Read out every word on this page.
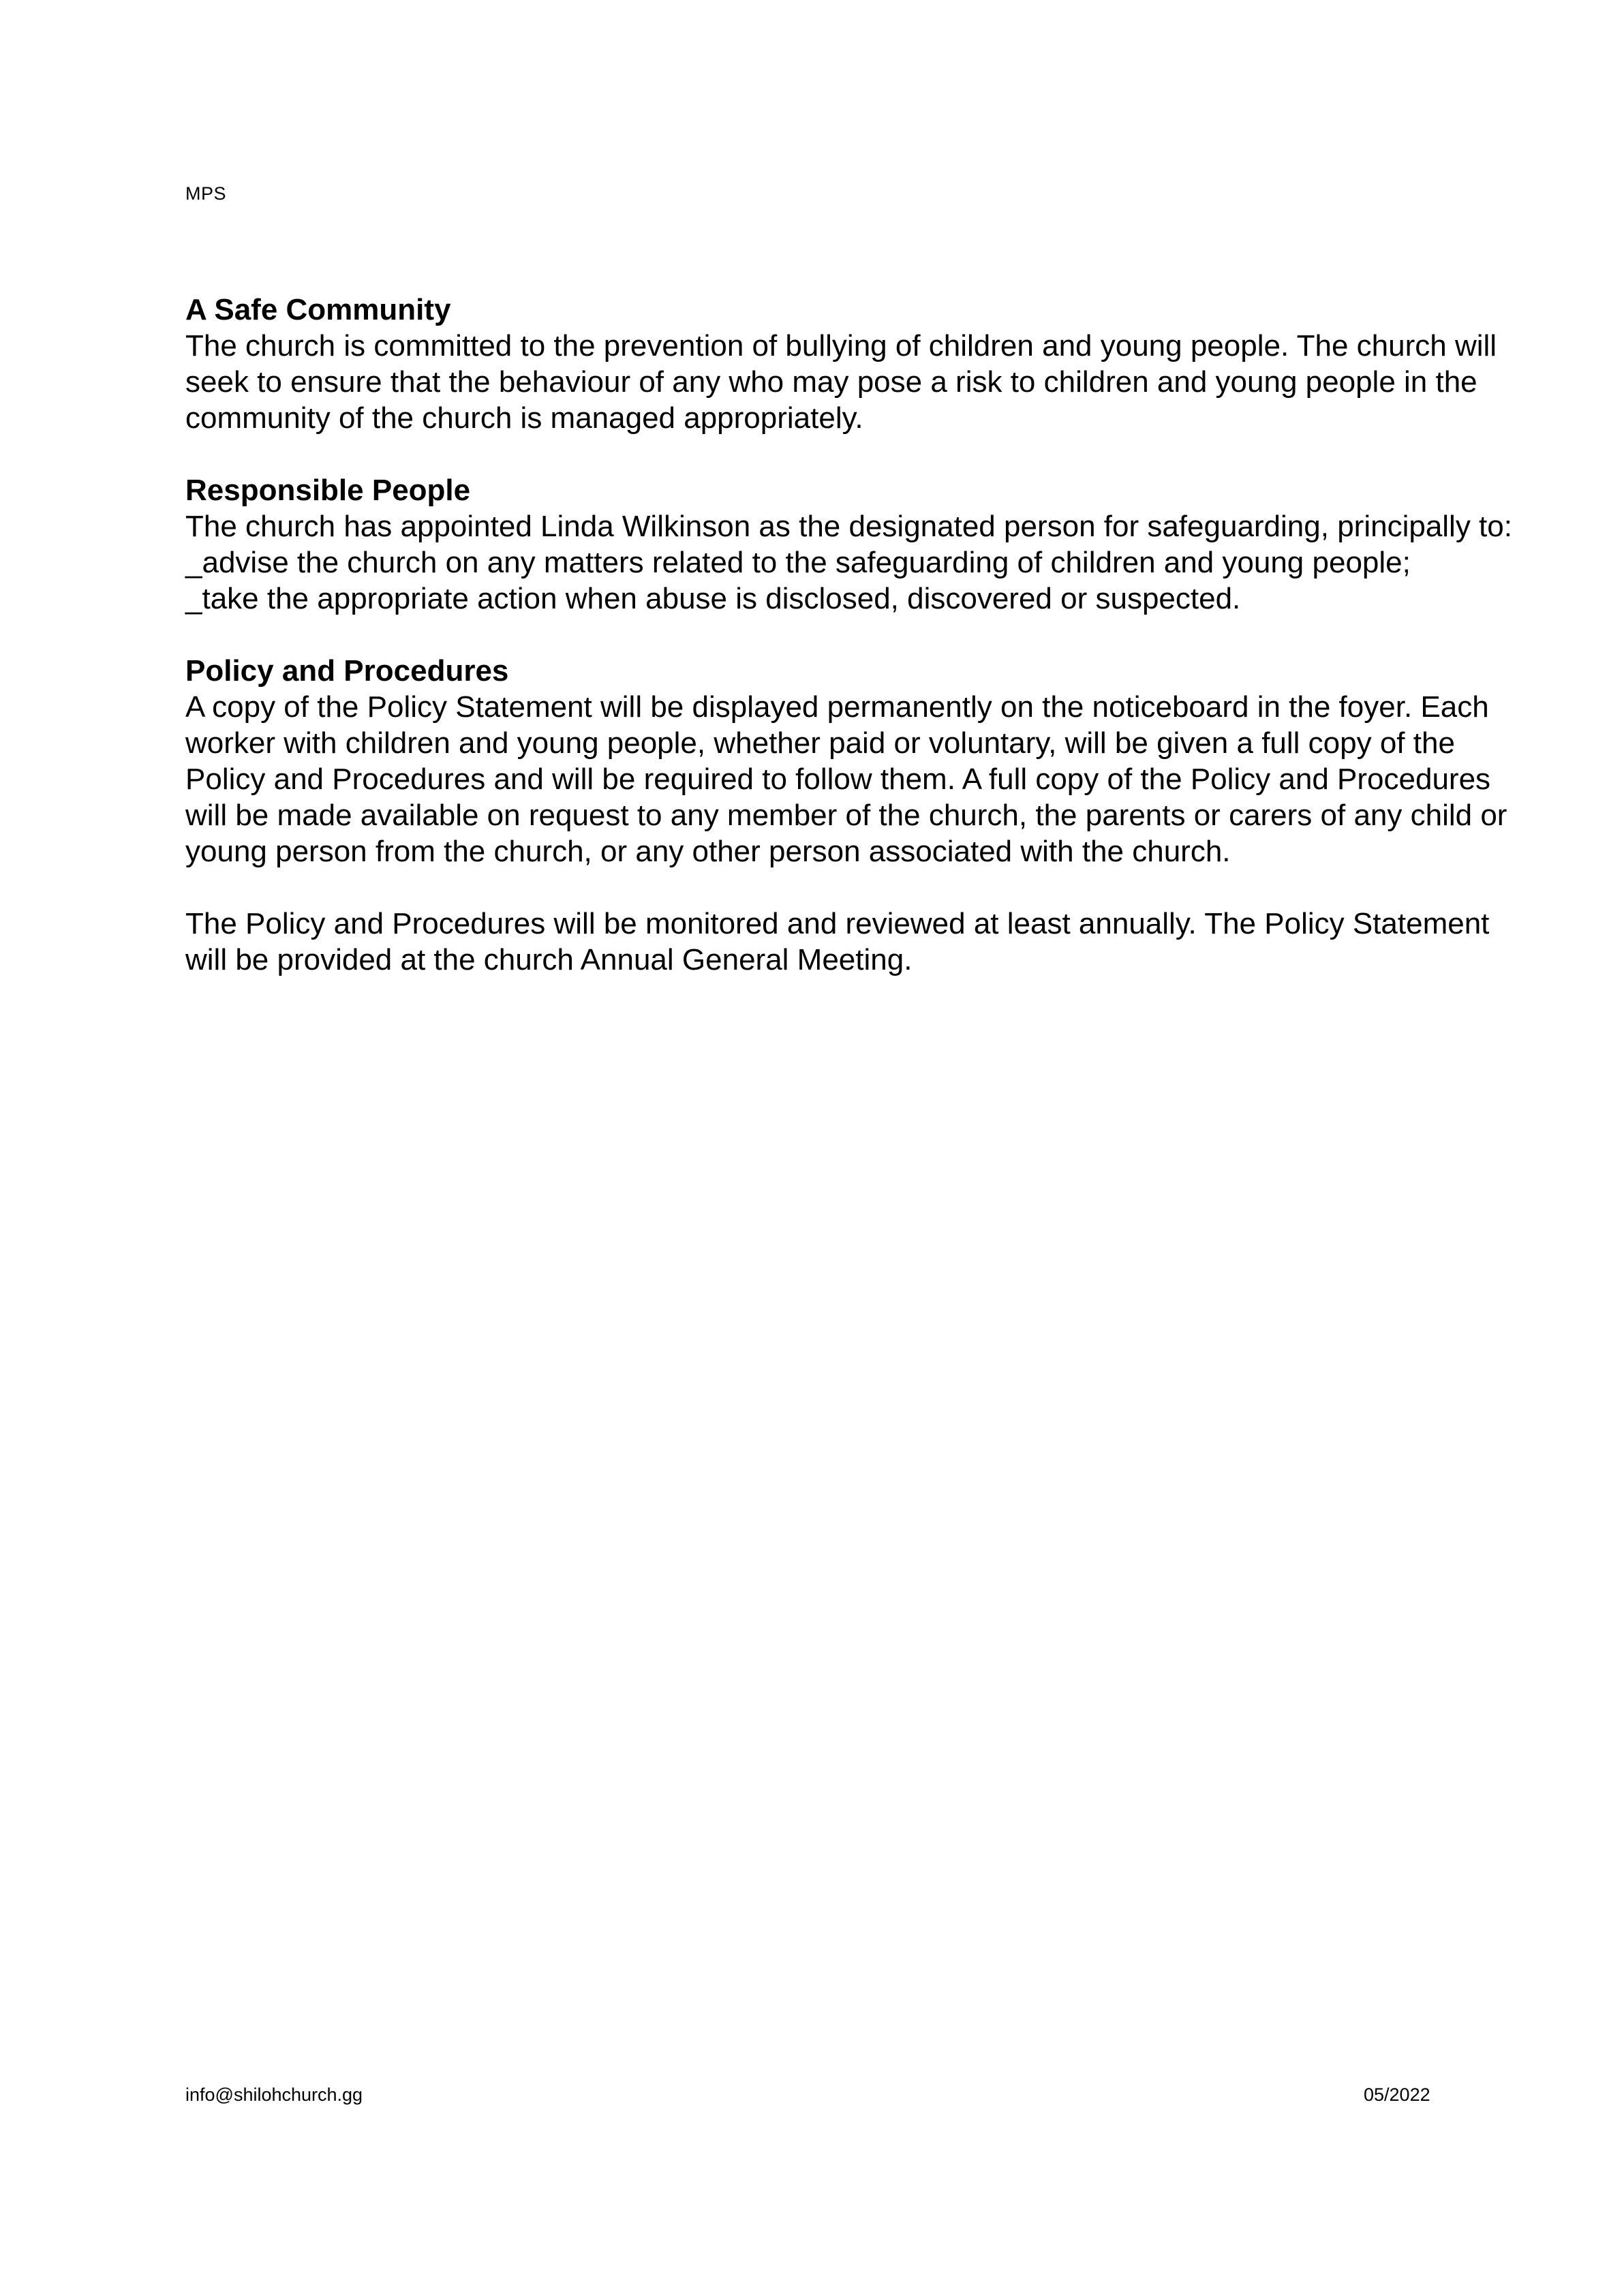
MPS

A Safe Community

The church is committed to the prevention of bullying of children and young people. The church will

seek to ensure that the behaviour of any who may pose a risk to children and young people in the

community of the church is managed appropriately.

Responsible People

The church has appointed Linda Wilkinson as the designated person for safeguarding, principally to:

_advise the church on any matters related to the safeguarding of children and young people;

_take the appropriate action when abuse is disclosed, discovered or suspected.

Policy and Procedures

A copy of the Policy Statement will be displayed permanently on the noticeboard in the foyer. Each

worker with children and young people, whether paid or voluntary, will be given a full copy of the

Policy and Procedures and will be required to follow them. A full copy of the Policy and Procedures

will be made available on request to any member of the church, the parents or carers of any child or

young person from the church, or any other person associated with the church.

The Policy and Procedures will be monitored and reviewed at least annually. The Policy Statement

will be provided at the church Annual General Meeting.

info@shilohchurch.gg	05/2022
